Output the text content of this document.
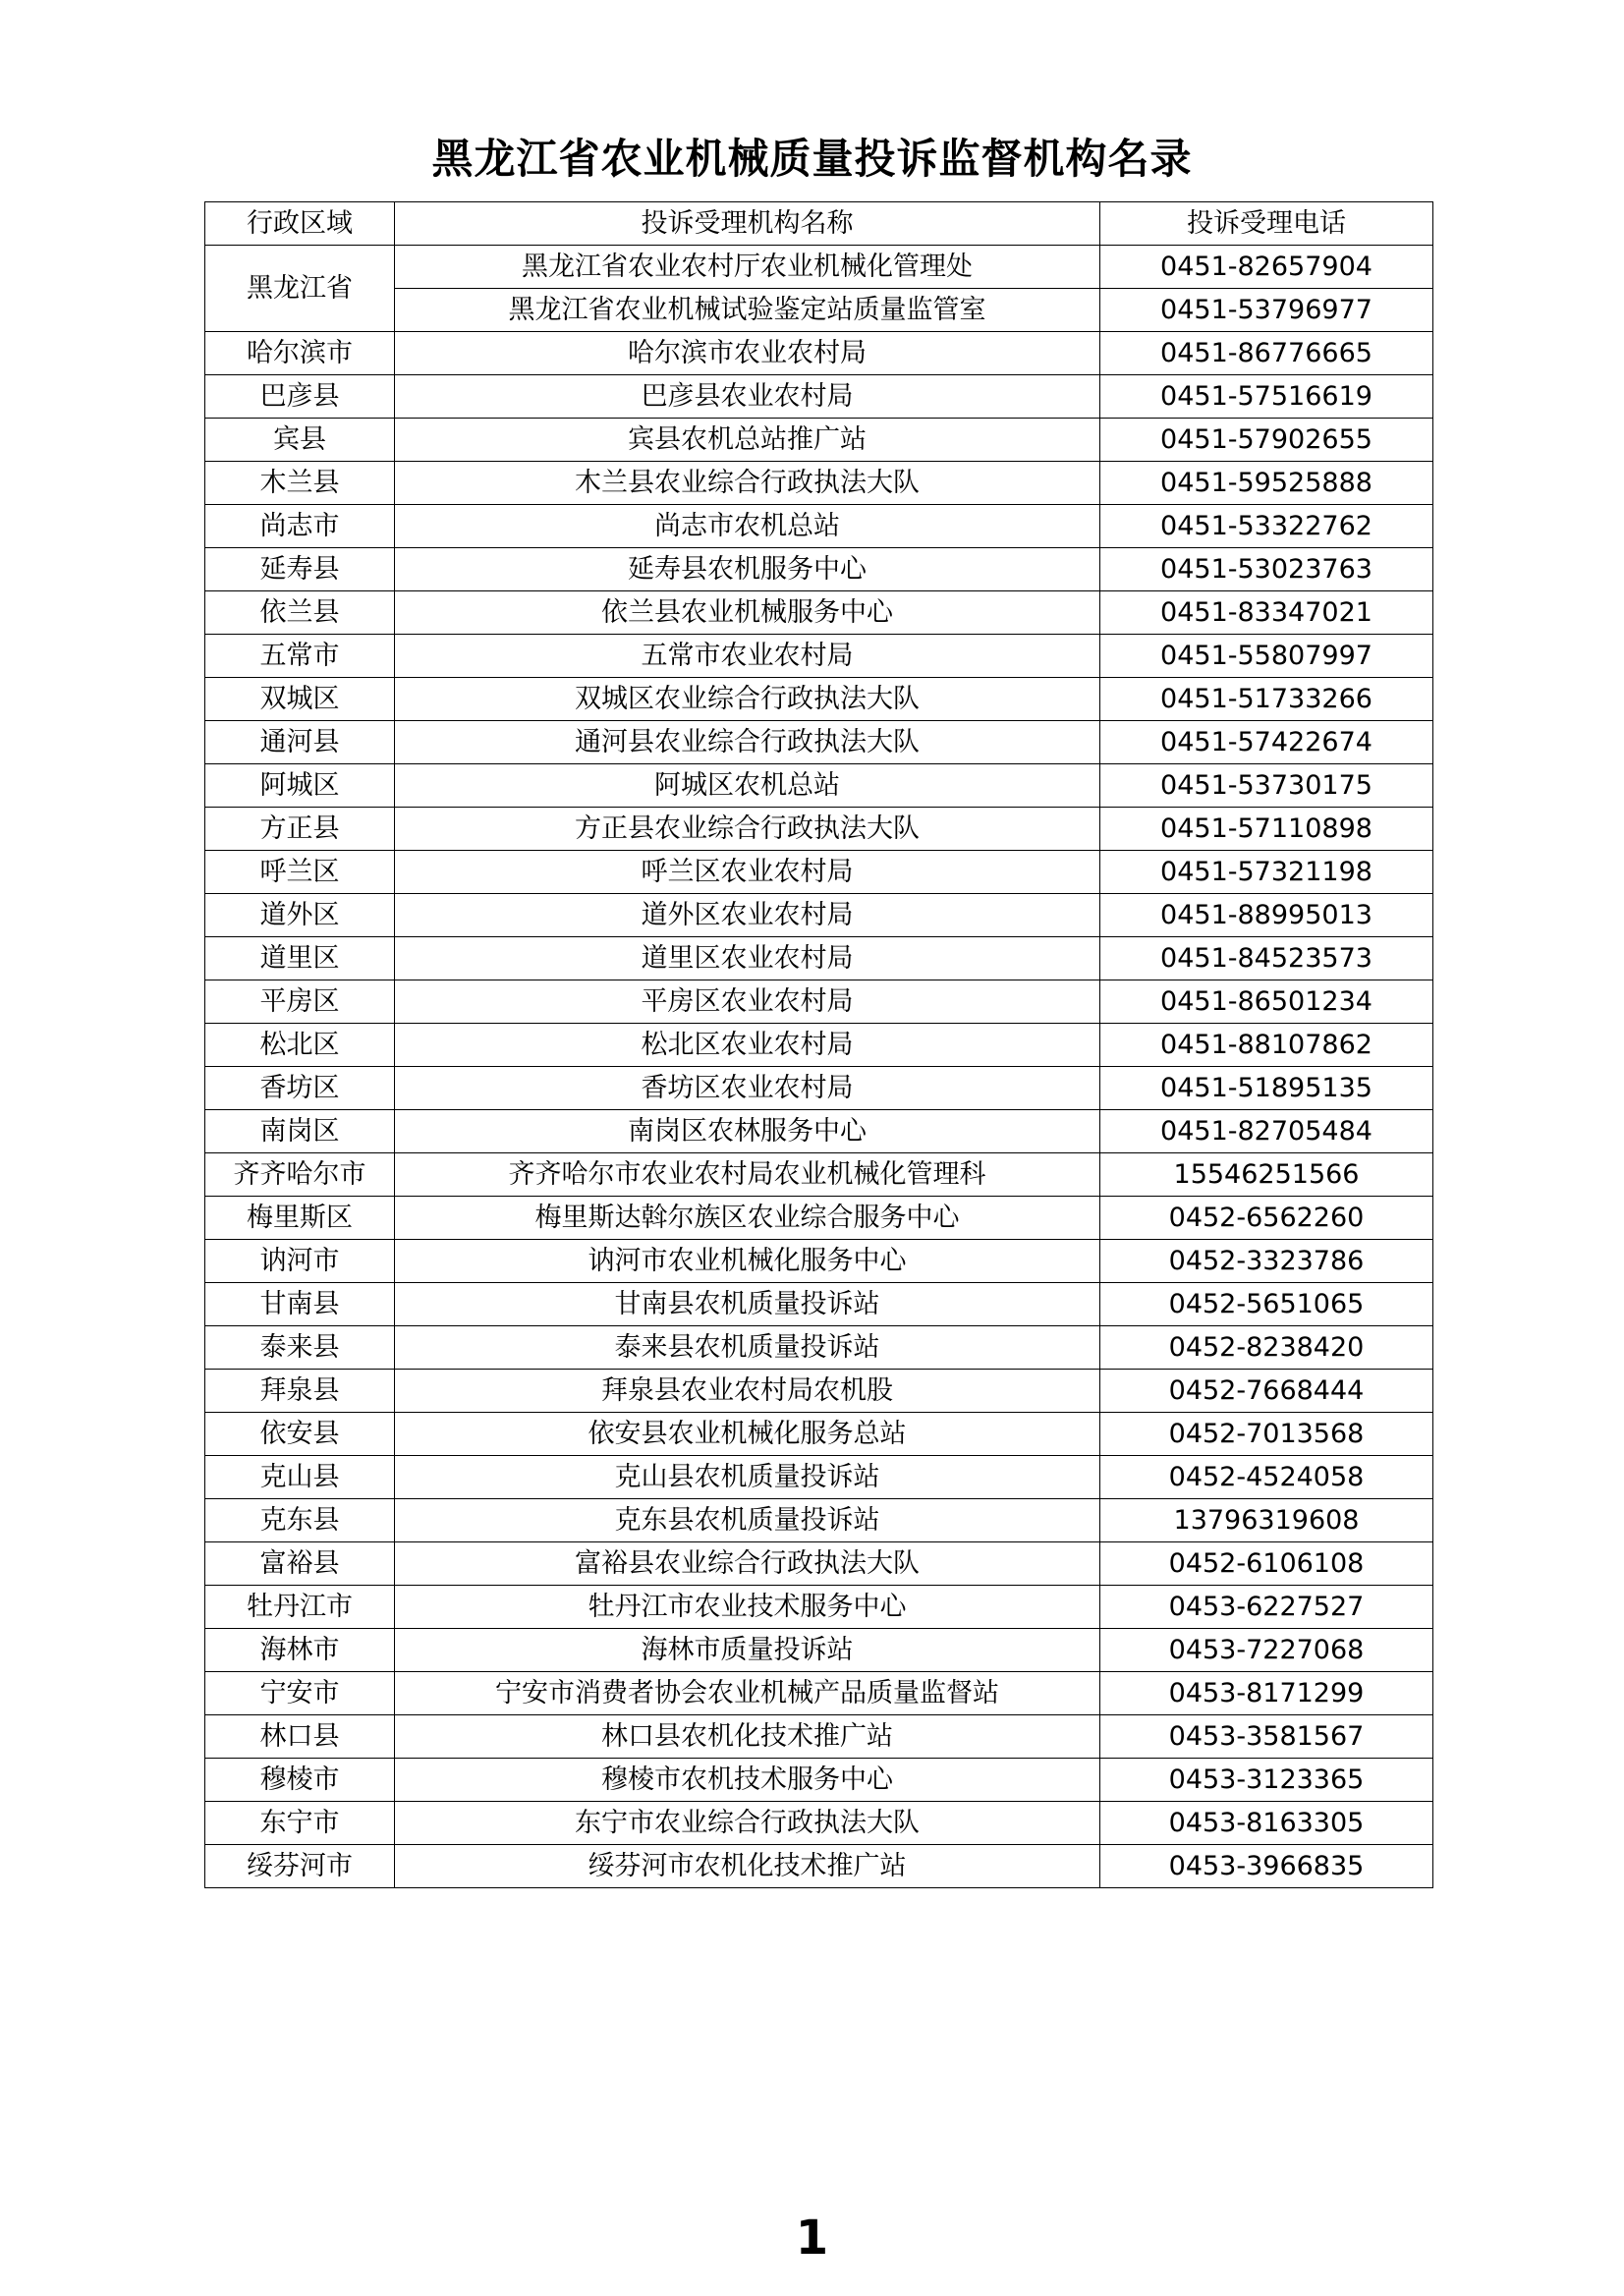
黑龙江省农业机械质量投诉监督机构名录
行政区域	投诉受理机构名称	投诉受理电话
黑龙江省	黑龙江省农业农村厅农业机械化管理处	0451-82657904
	黑龙江省农业机械试验鉴定站质量监管室	0451-53796977
哈尔滨市	哈尔滨市农业农村局	0451-86776665
巴彦县	巴彦县农业农村局	0451-57516619
宾县	宾县农机总站推广站	0451-57902655
木兰县	木兰县农业综合行政执法大队	0451-59525888
尚志市	尚志市农机总站	0451-53322762
延寿县	延寿县农机服务中心	0451-53023763
依兰县	依兰县农业机械服务中心	0451-83347021
五常市	五常市农业农村局	0451-55807997
双城区	双城区农业综合行政执法大队	0451-51733266
通河县	通河县农业综合行政执法大队	0451-57422674
阿城区	阿城区农机总站	0451-53730175
方正县	方正县农业综合行政执法大队	0451-57110898
呼兰区	呼兰区农业农村局	0451-57321198
道外区	道外区农业农村局	0451-88995013
道里区	道里区农业农村局	0451-84523573
平房区	平房区农业农村局	0451-86501234
松北区	松北区农业农村局	0451-88107862
香坊区	香坊区农业农村局	0451-51895135
南岗区	南岗区农林服务中心	0451-82705484
齐齐哈尔市	齐齐哈尔市农业农村局农业机械化管理科	15546251566
梅里斯区	梅里斯达斡尔族区农业综合服务中心	0452-6562260
讷河市	讷河市农业机械化服务中心	0452-3323786
甘南县	甘南县农机质量投诉站	0452-5651065
泰来县	泰来县农机质量投诉站	0452-8238420
拜泉县	拜泉县农业农村局农机股	0452-7668444
依安县	依安县农业机械化服务总站	0452-7013568
克山县	克山县农机质量投诉站	0452-4524058
克东县	克东县农机质量投诉站	13796319608
富裕县	富裕县农业综合行政执法大队	0452-6106108
牡丹江市	牡丹江市农业技术服务中心	0453-6227527
海林市	海林市质量投诉站	0453-7227068
宁安市	宁安市消费者协会农业机械产品质量监督站	0453-8171299
林口县	林口县农机化技术推广站	0453-3581567
穆棱市	穆棱市农机技术服务中心	0453-3123365
东宁市	东宁市农业综合行政执法大队	0453-8163305
绥芬河市	绥芬河市农机化技术推广站	0453-3966835
1
